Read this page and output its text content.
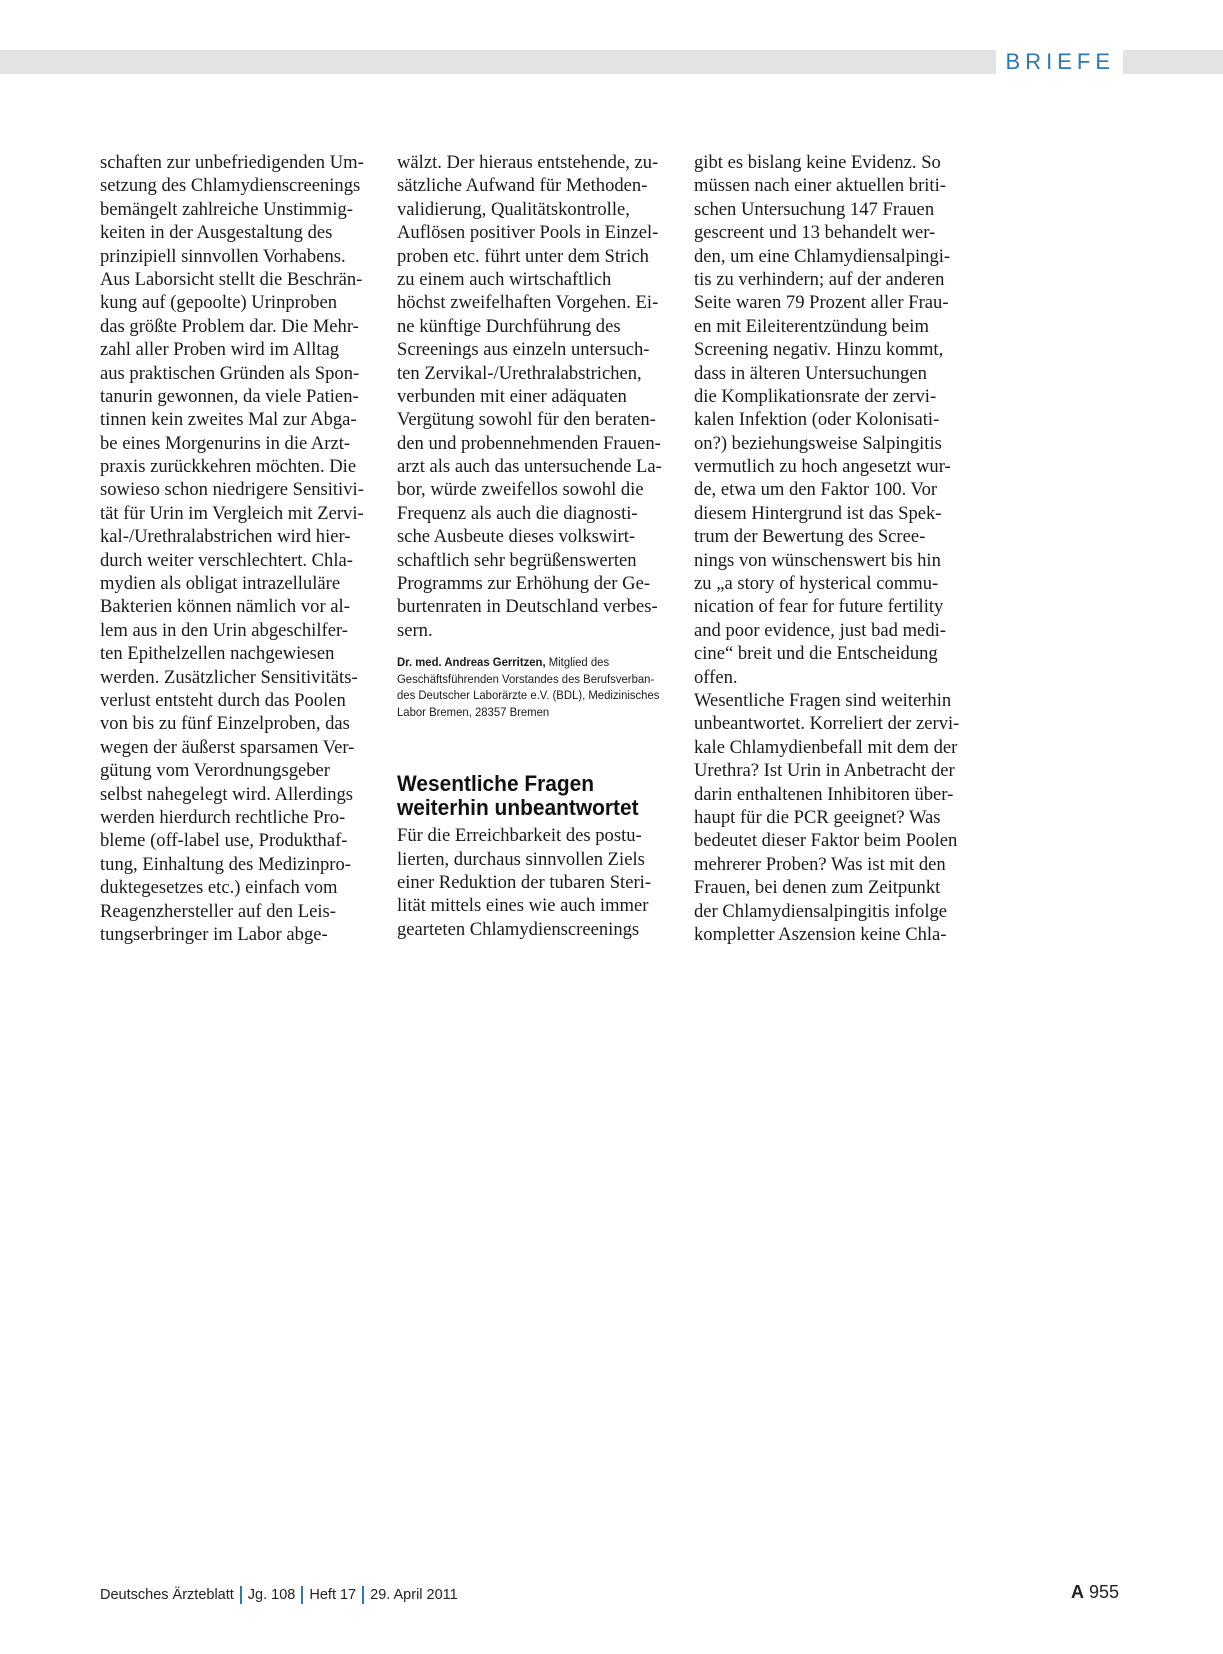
BRIEFE
schaften zur unbefriedigenden Um-
setzung des Chlamydienscreenings
bemängelt zahlreiche Unstimmig-
keiten in der Ausgestaltung des
prinzipiell sinnvollen Vorhabens.
Aus Laborsicht stellt die Beschrän-
kung auf (gepoolte) Urinproben
das größte Problem dar. Die Mehr-
zahl aller Proben wird im Alltag
aus praktischen Gründen als Spon-
tanurin gewonnen, da viele Patien-
tinnen kein zweites Mal zur Abga-
be eines Morgenurins in die Arzt-
praxis zurückkehren möchten. Die
sowieso schon niedrigere Sensitivi-
tät für Urin im Vergleich mit Zervi-
kal-/Urethralabstrichen wird hier-
durch weiter verschlechtert. Chla-
mydien als obligat intrazelluläre
Bakterien können nämlich vor al-
lem aus in den Urin abgeschilfer-
ten Epithelzellen nachgewiesen
werden. Zusätzlicher Sensitivitäts-
verlust entsteht durch das Poolen
von bis zu fünf Einzelproben, das
wegen der äußerst sparsamen Ver-
gütung vom Verordnungsgeber
selbst nahegelegt wird. Allerdings
werden hierdurch rechtliche Pro-
bleme (off-label use, Produkthaf-
tung, Einhaltung des Medizinpro-
duktegesetzes etc.) einfach vom
Reagenzhersteller auf den Leis-
tungserbringer im Labor abge-
wälzt. Der hieraus entstehende, zu-
sätzliche Aufwand für Methoden-
validierung, Qualitätskontrolle,
Auflösen positiver Pools in Einzel-
proben etc. führt unter dem Strich
zu einem auch wirtschaftlich
höchst zweifelhaften Vorgehen. Ei-
ne künftige Durchführung des
Screenings aus einzeln untersuch-
ten Zervikal-/Urethralabstrichen,
verbunden mit einer adäquaten
Vergütung sowohl für den beraten-
den und probennehmenden Frauen-
arzt als auch das untersuchende La-
bor, würde zweifellos sowohl die
Frequenz als auch die diagnosti-
sche Ausbeute dieses volkswirt-
schaftlich sehr begrüßenswerten
Programms zur Erhöhung der Ge-
burtenraten in Deutschland verbes-
sern.
Dr. med. Andreas Gerritzen, Mitglied des
Geschäftsführenden Vorstandes des Berufsverban-
des Deutscher Laborärzte e.V. (BDL), Medizinisches
Labor Bremen, 28357 Bremen
Wesentliche Fragen
weiterhin unbeantwortet
Für die Erreichbarkeit des postu-
lierten, durchaus sinnvollen Ziels
einer Reduktion der tubaren Steri-
lität mittels eines wie auch immer
gearteten Chlamydienscreenings
gibt es bislang keine Evidenz. So
müssen nach einer aktuellen briti-
schen Untersuchung 147 Frauen
gescreent und 13 behandelt wer-
den, um eine Chlamydiensalpingi-
tis zu verhindern; auf der anderen
Seite waren 79 Prozent aller Frau-
en mit Eileiterentzündung beim
Screening negativ. Hinzu kommt,
dass in älteren Untersuchungen
die Komplikationsrate der zervi-
kalen Infektion (oder Kolonisati-
on?) beziehungsweise Salpingitis
vermutlich zu hoch angesetzt wur-
de, etwa um den Faktor 100. Vor
diesem Hintergrund ist das Spek-
trum der Bewertung des Scree-
nings von wünschenswert bis hin
zu „a story of hysterical commu-
nication of fear for future fertility
and poor evidence, just bad medi-
cine“ breit und die Entscheidung
offen.
Wesentliche Fragen sind weiterhin
unbeantwortet. Korreliert der zervi-
kale Chlamydienbefall mit dem der
Urethra? Ist Urin in Anbetracht der
darin enthaltenen Inhibitoren über-
haupt für die PCR geeignet? Was
bedeutet dieser Faktor beim Poolen
mehrerer Proben? Was ist mit den
Frauen, bei denen zum Zeitpunkt
der Chlamydiensalpingitis infolge
kompletter Aszension keine Chla-
Deutsches Ärzteblatt Jg. 108 Heft 17 29. April 2011	A 955
